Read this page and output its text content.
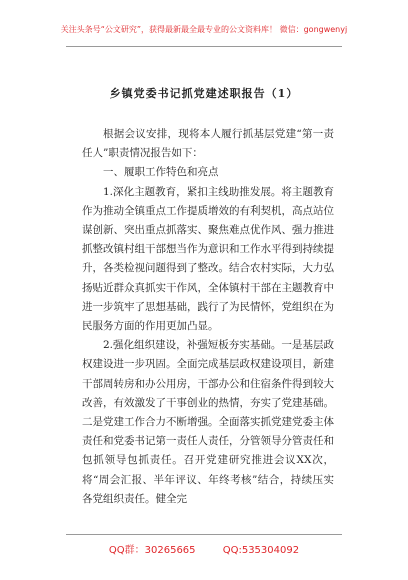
关注头条号“公文研究”，获得最新最全最专业的公文资料库！ 微信：gongwenyj
乡镇党委书记抓党建述职报告（1）

根据会议安排，现将本人履行抓基层党建“第一责任人”职责情况报告如下：

一、履职工作特色和亮点

1.深化主题教育，紧扣主线助推发展。将主题教育作为推动全镇重点工作提质增效的有利契机，高点站位谋创新、突出重点抓落实、聚焦难点优作风、强力推进抓整改镇村组干部想当作为意识和工作水平得到持续提升，各类检视问题得到了整改。结合农村实际，大力弘扬贴近群众真抓实干作风，全体镇村干部在主题教育中进一步筑牢了思想基础，践行了为民情怀，党组织在为民服务方面的作用更加凸显。

2.强化组织建设，补强短板夯实基础。一是基层政权建设进一步巩固。全面完成基层政权建设项目，新建干部周转房和办公用房，干部办公和住宿条件得到较大改善，有效激发了干事创业的热情，夯实了党建基础。二是党建工作合力不断增强。全面落实抓党建党委主体责任和党委书记第一责任人责任，分管领导分管责任和包抓领导包抓责任。召开党建研究推进会议XX次，将“周会汇报、半年评议、年终考核”结合，持续压实各党组织责任。健全完

QQ群：30265665	QQ:535304092
